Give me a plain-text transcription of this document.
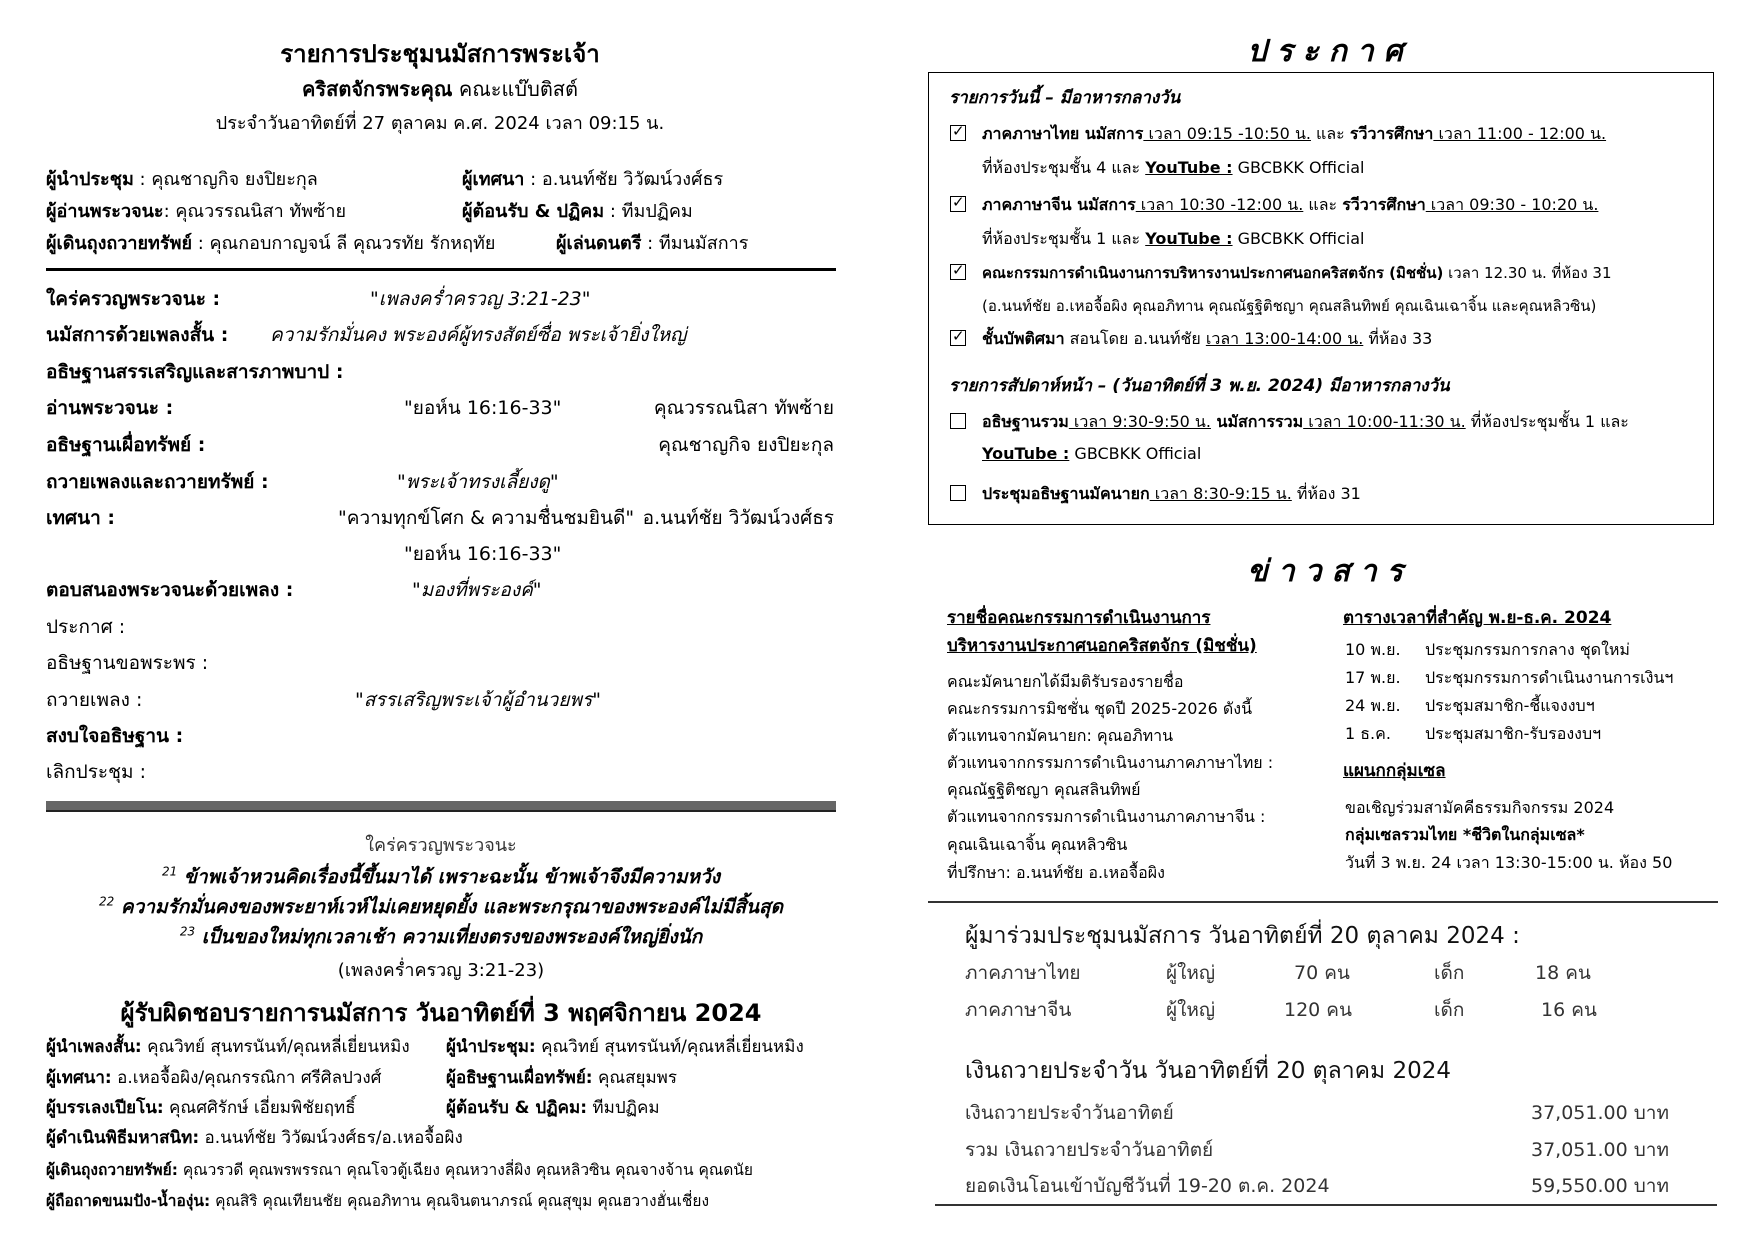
รายการประชุมนมัสการพระเจ้า
คริสตจักรพระคุณ คณะแบ๊บติสต์
ประจำวันอาทิตย์ที่ 27 ตุลาคม ค.ศ. 2024 เวลา 09:15 น.
ผู้นำประชุม : คุณชาญกิจ ยงปิยะกุล	ผู้เทศนา : อ.นนท์ชัย วิวัฒน์วงศ์ธร
ผู้อ่านพระวจนะ: คุณวรรณนิสา ทัพซ้าย	ผู้ต้อนรับ & ปฏิคม : ทีมปฏิคม
ผู้เดินถุงถวายทรัพย์ : คุณกอบกาญจน์ ลี คุณวรทัย รักหฤทัย	ผู้เล่นดนตรี : ทีมนมัสการ
ใคร่ครวญพระวจนะ :	"เพลงคร่ำครวญ 3:21-23"
นมัสการด้วยเพลงสั้น : ความรักมั่นคง พระองค์ผู้ทรงสัตย์ซื่อ พระเจ้ายิ่งใหญ่
อธิษฐานสรรเสริญและสารภาพบาป :
อ่านพระวจนะ :	"ยอห์น 16:16-33"	คุณวรรณนิสา ทัพซ้าย
อธิษฐานเผื่อทรัพย์ :	คุณชาญกิจ ยงปิยะกุล
ถวายเพลงและถวายทรัพย์ :	"พระเจ้าทรงเลี้ยงดู"
เทศนา :	"ความทุกข์โศก & ความชื่นชมยินดี" อ.นนท์ชัย วิวัฒน์วงศ์ธร
"ยอห์น 16:16-33"
ตอบสนองพระวจนะด้วยเพลง :	"มองที่พระองค์"
ประกาศ :
อธิษฐานขอพระพร :
ถวายเพลง :	"สรรเสริญพระเจ้าผู้อำนวยพร"
สงบใจอธิษฐาน :
เลิกประชุม :
ใคร่ครวญพระวจนะ
$^{21}$ ข้าพเจ้าหวนคิดเรื่องนี้ขึ้นมาได้ เพราะฉะนั้น ข้าพเจ้าจึงมีความหวัง
$^{22}$ ความรักมั่นคงของพระยาห์เวห์ไม่เคยหยุดยั้ง และพระกรุณาของพระองค์ไม่มีสิ้นสุด
$^{23}$ เป็นของใหม่ทุกเวลาเช้า ความเที่ยงตรงของพระองค์ใหญ่ยิ่งนัก
(เพลงคร่ำครวญ 3:21-23)
ผู้รับผิดชอบรายการนมัสการ วันอาทิตย์ที่ 3 พฤศจิกายน 2024
ผู้นำเพลงสั้น: คุณวิทย์ สุนทรนันท์/คุณหลี่เยี่ยนหมิง ผู้นำประชุม: คุณวิทย์ สุนทรนันท์/คุณหลี่เยี่ยนหมิง
ผู้เทศนา: อ.เหอจื้อผิง/คุณกรรณิกา ศรีศิลปวงศ์	ผู้อธิษฐานเผื่อทรัพย์: คุณสยุมพร
ผู้บรรเลงเปียโน: คุณศศิรักษ์ เอี่ยมพิชัยฤทธิ์	ผู้ต้อนรับ & ปฏิคม: ทีมปฏิคม
ผู้ดำเนินพิธีมหาสนิท: อ.นนท์ชัย วิวัฒน์วงศ์ธร/อ.เหอจื้อผิง
ผู้เดินถุงถวายทรัพย์: คุณวรวดี คุณพรพรรณา คุณโจวตู้เฉียง คุณหวางลี่ผิง คุณหลิวซิน คุณจางจ้าน คุณดนัย
ผู้ถือถาดขนมปัง-น้ำองุ่น: คุณสิริ คุณเทียนชัย คุณอภิทาน คุณจินตนาภรณ์ คุณสุขุม คุณฮวางฮั่นเชี่ยง
ประกาศ
รายการวันนี้ – มีอาหารกลางวัน
✓
ภาคภาษาไทย นมัสการ เวลา 09:15 -10:50 น. และ รวีวารศึกษา เวลา 11:00 - 12:00 น.
ที่ห้องประชุมชั้น 4 และ YouTube : GBCBKK Official
✓
ภาคภาษาจีน นมัสการ เวลา 10:30 -12:00 น. และ รวีวารศึกษา เวลา 09:30 - 10:20 น.
ที่ห้องประชุมชั้น 1 และ YouTube : GBCBKK Official
✓
คณะกรรมการดำเนินงานการบริหารงานประกาศนอกคริสตจักร (มิชชั่น) เวลา 12.30 น. ที่ห้อง 31
(อ.นนท์ชัย อ.เหอจื้อผิง คุณอภิทาน คุณณัฐฐิติชญา คุณสลินทิพย์ คุณเฉินเฉาจิ้น และคุณหลิวซิน)
✓
ชั้นบัพติศมา สอนโดย อ.นนท์ชัย เวลา 13:00-14:00 น. ที่ห้อง 33
รายการสัปดาห์หน้า – (วันอาทิตย์ที่ 3 พ.ย. 2024) มีอาหารกลางวัน
อธิษฐานรวม เวลา 9:30-9:50 น. นมัสการรวม เวลา 10:00-11:30 น. ที่ห้องประชุมชั้น 1 และ
YouTube : GBCBKK Official
ประชุมอธิษฐานมัคนายก เวลา 8:30-9:15 น. ที่ห้อง 31
ข่าวสาร
รายชื่อคณะกรรมการดำเนินงานการ
บริหารงานประกาศนอกคริสตจักร (มิชชั่น)
คณะมัคนายกได้มีมติรับรองรายชื่อ
คณะกรรมการมิชชั่น ชุดปี 2025-2026 ดังนี้
ตัวแทนจากมัคนายก: คุณอภิทาน
ตัวแทนจากกรรมการดำเนินงานภาคภาษาไทย :
คุณณัฐฐิติชญา คุณสลินทิพย์
ตัวแทนจากกรรมการดำเนินงานภาคภาษาจีน :
คุณเฉินเฉาจิ้น คุณหลิวซิน
ที่ปรึกษา: อ.นนท์ชัย อ.เหอจื้อผิง
ตารางเวลาที่สำคัญ พ.ย-ธ.ค. 2024
10 พ.ย. ประชุมกรรมการกลาง ชุดใหม่
17 พ.ย. ประชุมกรรมการดำเนินงานการเงินฯ
24 พ.ย. ประชุมสมาชิก-ชี้แจงงบฯ
1 ธ.ค. ประชุมสมาชิก-รับรองงบฯ
แผนกกลุ่มเซล
ขอเชิญร่วมสามัคคีธรรมกิจกรรม 2024
กลุ่มเซลรวมไทย *ชีวิตในกลุ่มเซล*
วันที่ 3 พ.ย. 24 เวลา 13:30-15:00 น. ห้อง 50
ผู้มาร่วมประชุมนมัสการ วันอาทิตย์ที่ 20 ตุลาคม 2024 :
ภาคภาษาไทย	ผู้ใหญ่	70 คน	เด็ก	18 คน
ภาคภาษาจีน	ผู้ใหญ่	120 คน	เด็ก	16 คน
เงินถวายประจำวัน วันอาทิตย์ที่ 20 ตุลาคม 2024
เงินถวายประจำวันอาทิตย์	37,051.00 บาท
รวม เงินถวายประจำวันอาทิตย์	37,051.00 บาท
ยอดเงินโอนเข้าบัญชีวันที่ 19-20 ต.ค. 2024	59,550.00 บาท
